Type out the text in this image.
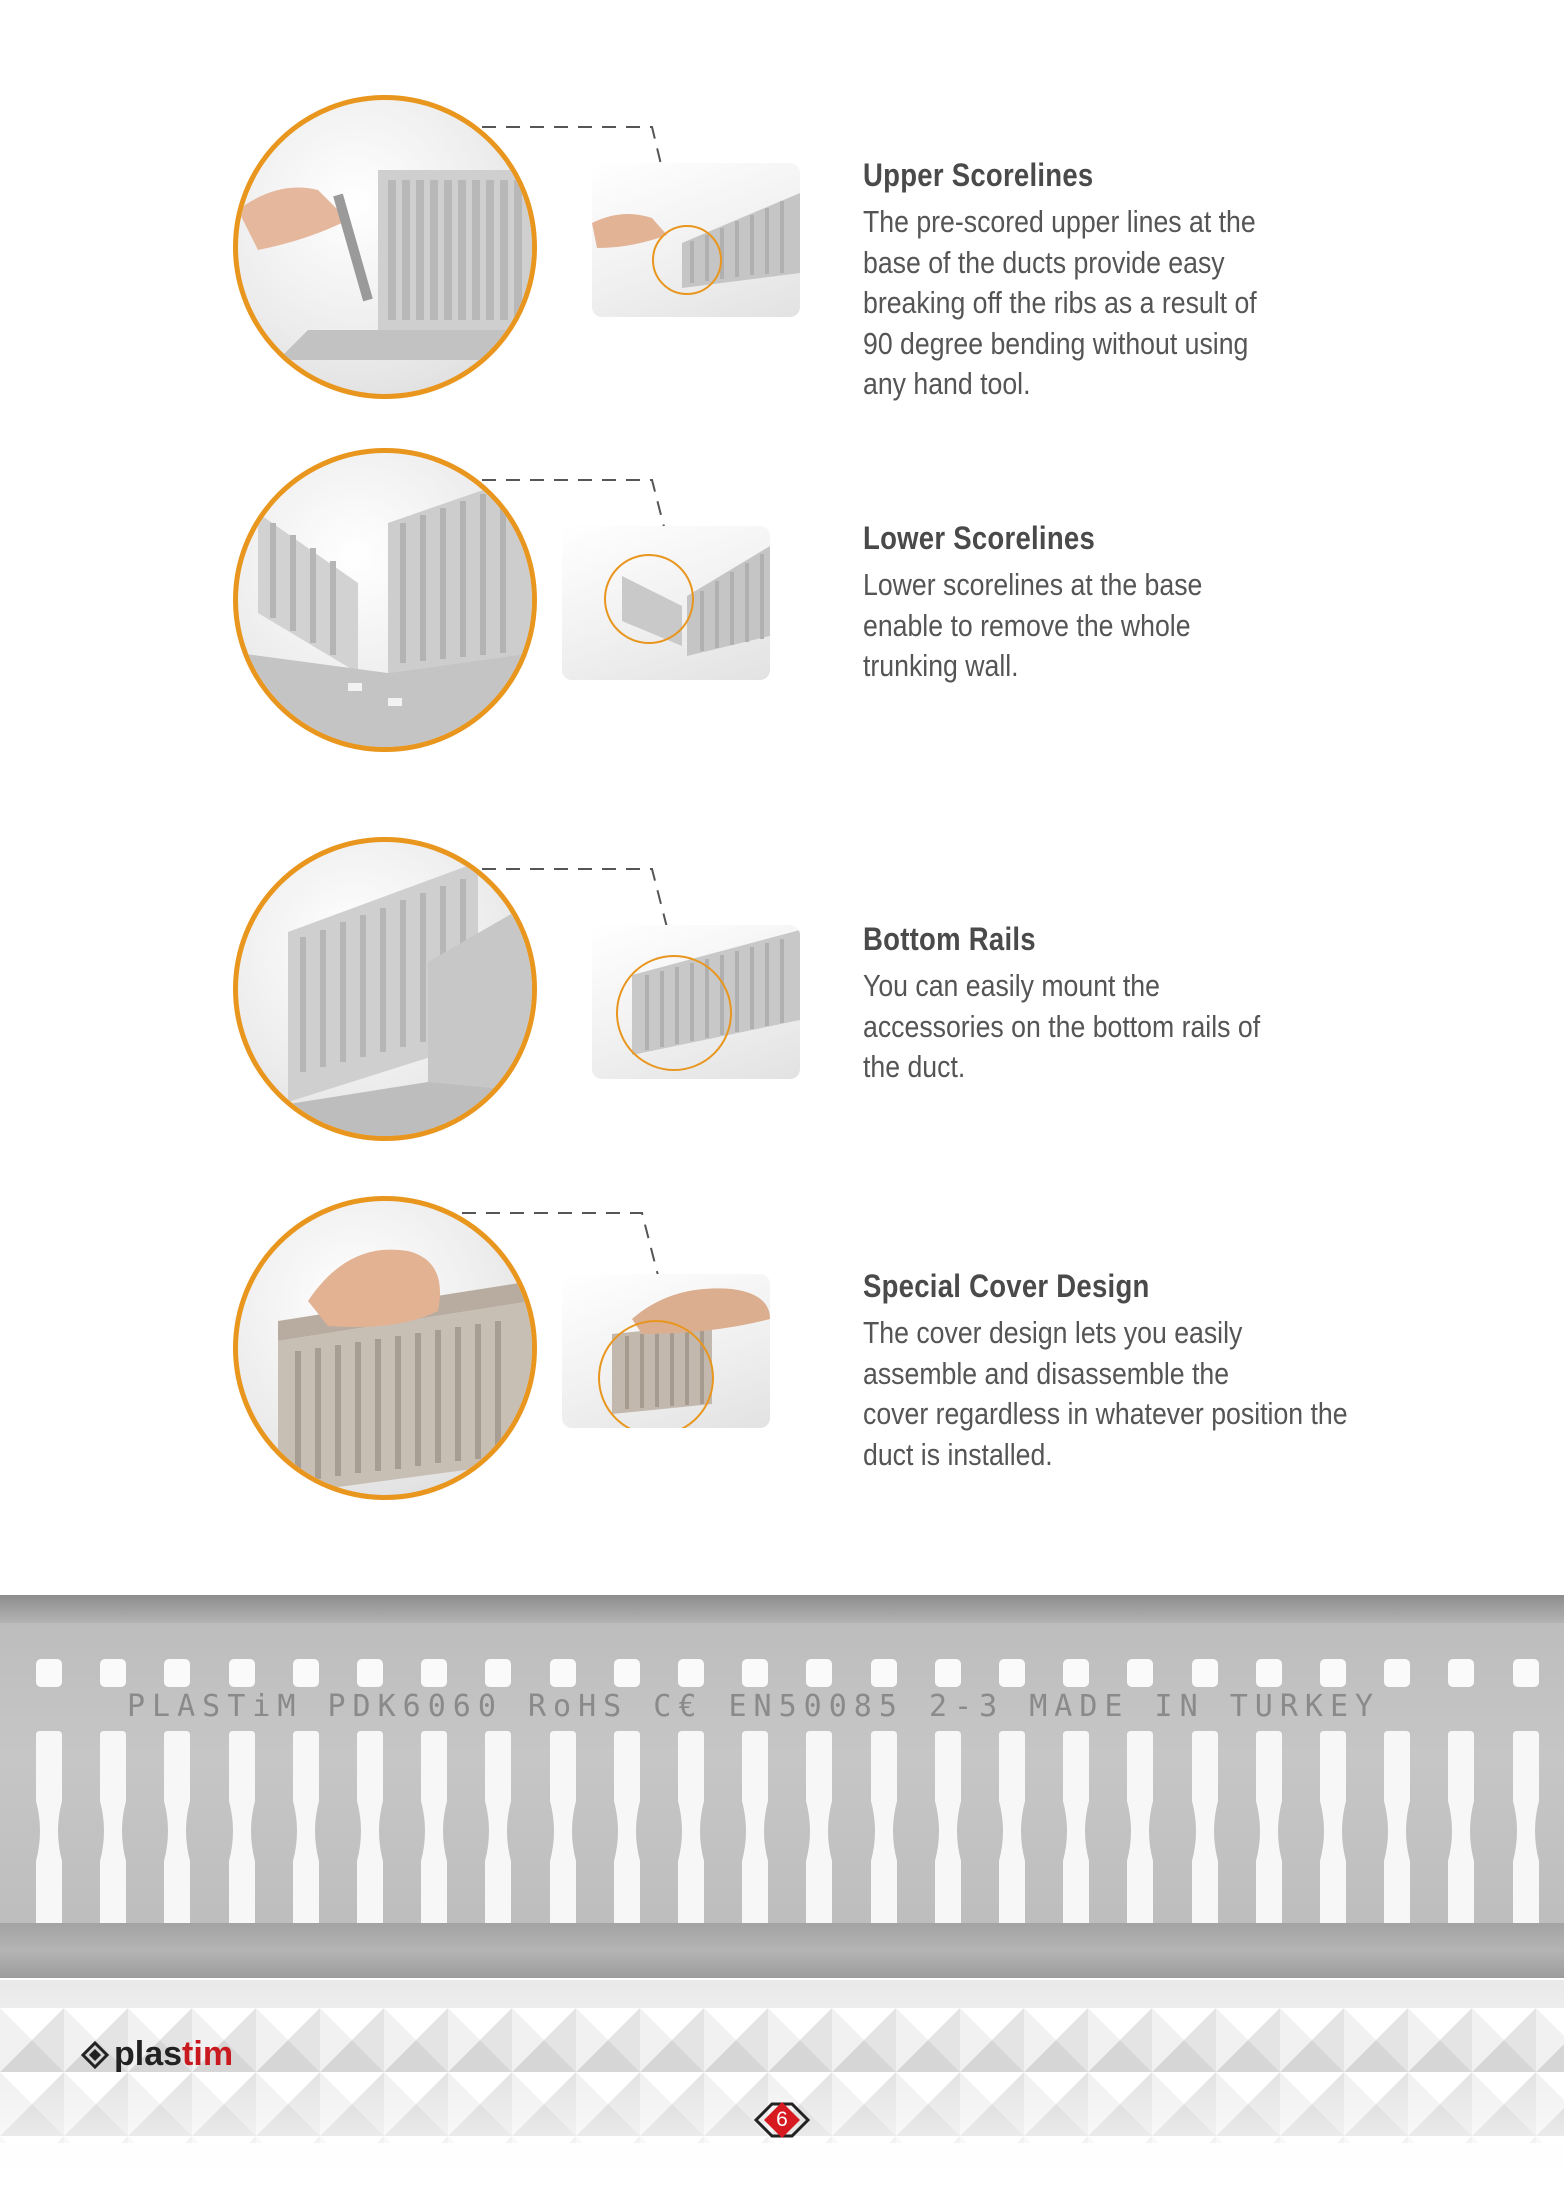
Upper Scorelines
The pre-scored upper lines at the
base of the ducts provide easy
breaking off the ribs as a result of
90 degree bending without using
any hand tool.
Lower Scorelines
Lower scorelines at the base
enable to remove the whole
trunking wall.
Bottom Rails
You can easily mount the
accessories on the bottom rails of
the duct.
Special Cover Design
The cover design lets you easily
assemble and disassemble the
cover regardless in whatever position the
duct is installed.
PLASTiM PDK6060 RoHS C€ EN50085 2-3 MADE IN TURKEY
plastim
6
